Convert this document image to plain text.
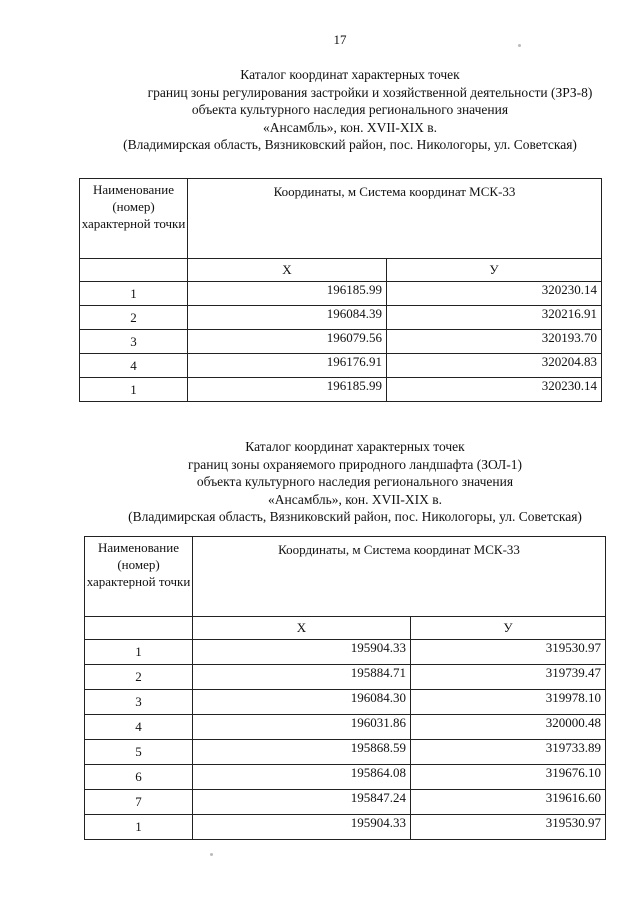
17
Каталог координат характерных точек
границ зоны регулирования застройки и хозяйственной деятельности (ЗРЗ-8)
объекта культурного наследия регионального значения
«Ансамбль», кон. XVII-XIX в.
(Владимирская область, Вязниковский район, пос. Никологоры, ул. Советская)
Наименование (номер) характерной точки	Координаты, м Система координат МСК-33	
	Х	У
1	196185.99	320230.14
2	196084.39	320216.91
3	196079.56	320193.70
4	196176.91	320204.83
1	196185.99	320230.14
Каталог координат характерных точек
границ зоны охраняемого природного ландшафта (ЗОЛ-1)
объекта культурного наследия регионального значения
«Ансамбль», кон. XVII-XIX в.
(Владимирская область, Вязниковский район, пос. Никологоры, ул. Советская)
Наименование (номер) характерной точки	Координаты, м Система координат МСК-33	
	Х	У
1	195904.33	319530.97
2	195884.71	319739.47
3	196084.30	319978.10
4	196031.86	320000.48
5	195868.59	319733.89
6	195864.08	319676.10
7	195847.24	319616.60
1	195904.33	319530.97
